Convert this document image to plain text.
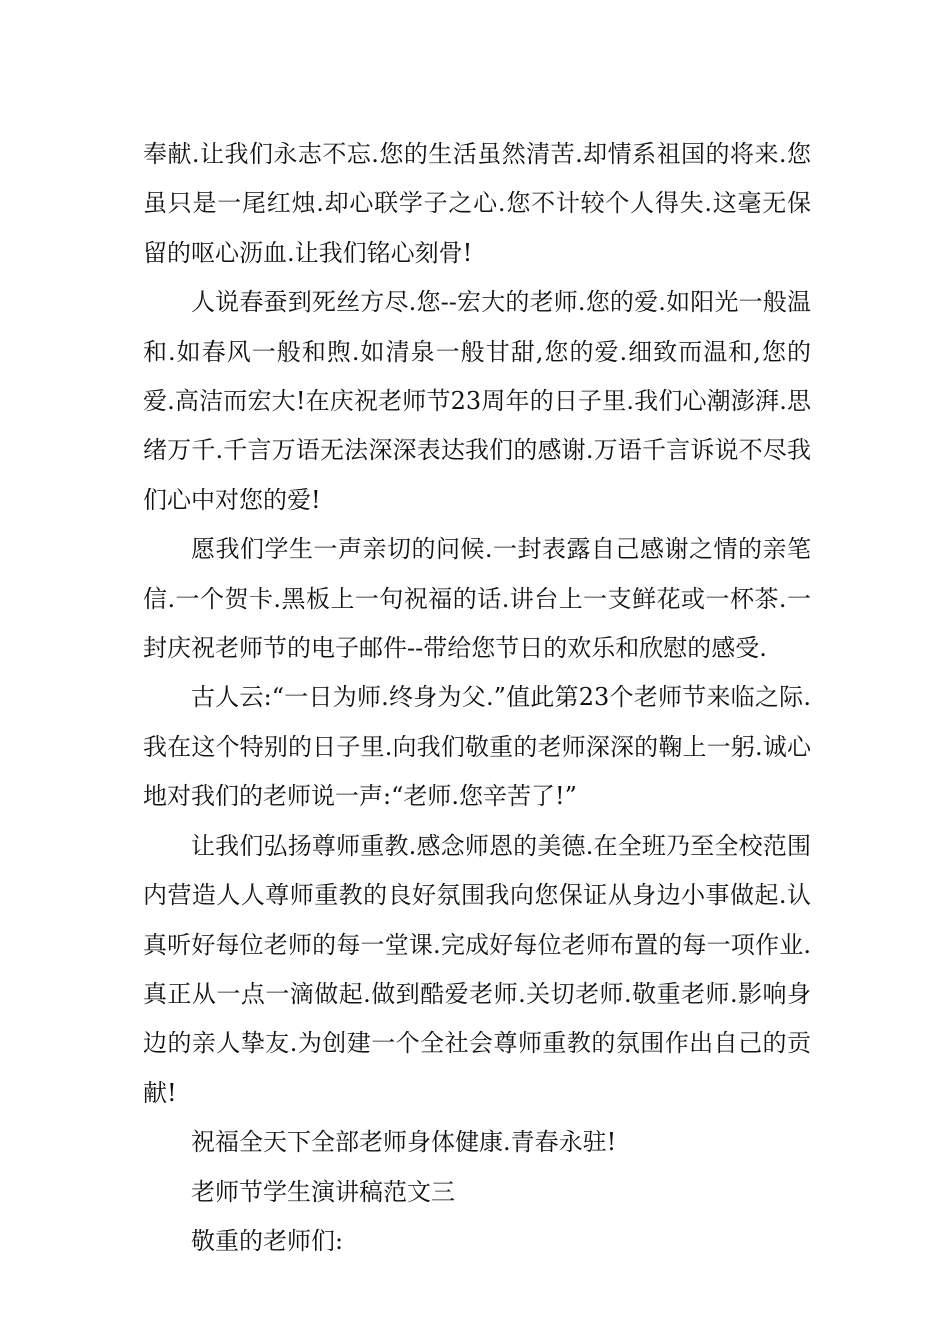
奉献.让我们永志不忘.您的生活虽然清苦.却情系祖国的将来.您虽只是一尾红烛.却心联学子之心.您不计较个人得失.这毫无保留的呕心沥血.让我们铭心刻骨!

人说春蚕到死丝方尽.您--宏大的老师.您的爱.如阳光一般温和.如春风一般和煦.如清泉一般甘甜,您的爱.细致而温和,您的爱.高洁而宏大!在庆祝老师节23周年的日子里.我们心潮澎湃.思绪万千.千言万语无法深深表达我们的感谢.万语千言诉说不尽我们心中对您的爱!

愿我们学生一声亲切的问候.一封表露自己感谢之情的亲笔信.一个贺卡.黑板上一句祝福的话.讲台上一支鲜花或一杯茶.一封庆祝老师节的电子邮件--带给您节日的欢乐和欣慰的感受.

古人云:“一日为师.终身为父.”值此第23个老师节来临之际.我在这个特别的日子里.向我们敬重的老师深深的鞠上一躬.诚心地对我们的老师说一声:“老师.您辛苦了!”

让我们弘扬尊师重教.感念师恩的美德.在全班乃至全校范围内营造人人尊师重教的良好氛围我向您保证从身边小事做起.认真听好每位老师的每一堂课.完成好每位老师布置的每一项作业.真正从一点一滴做起.做到酷爱老师.关切老师.敬重老师.影响身边的亲人挚友.为创建一个全社会尊师重教的氛围作出自己的贡献!

祝福全天下全部老师身体健康.青春永驻!

老师节学生演讲稿范文三

敬重的老师们:
